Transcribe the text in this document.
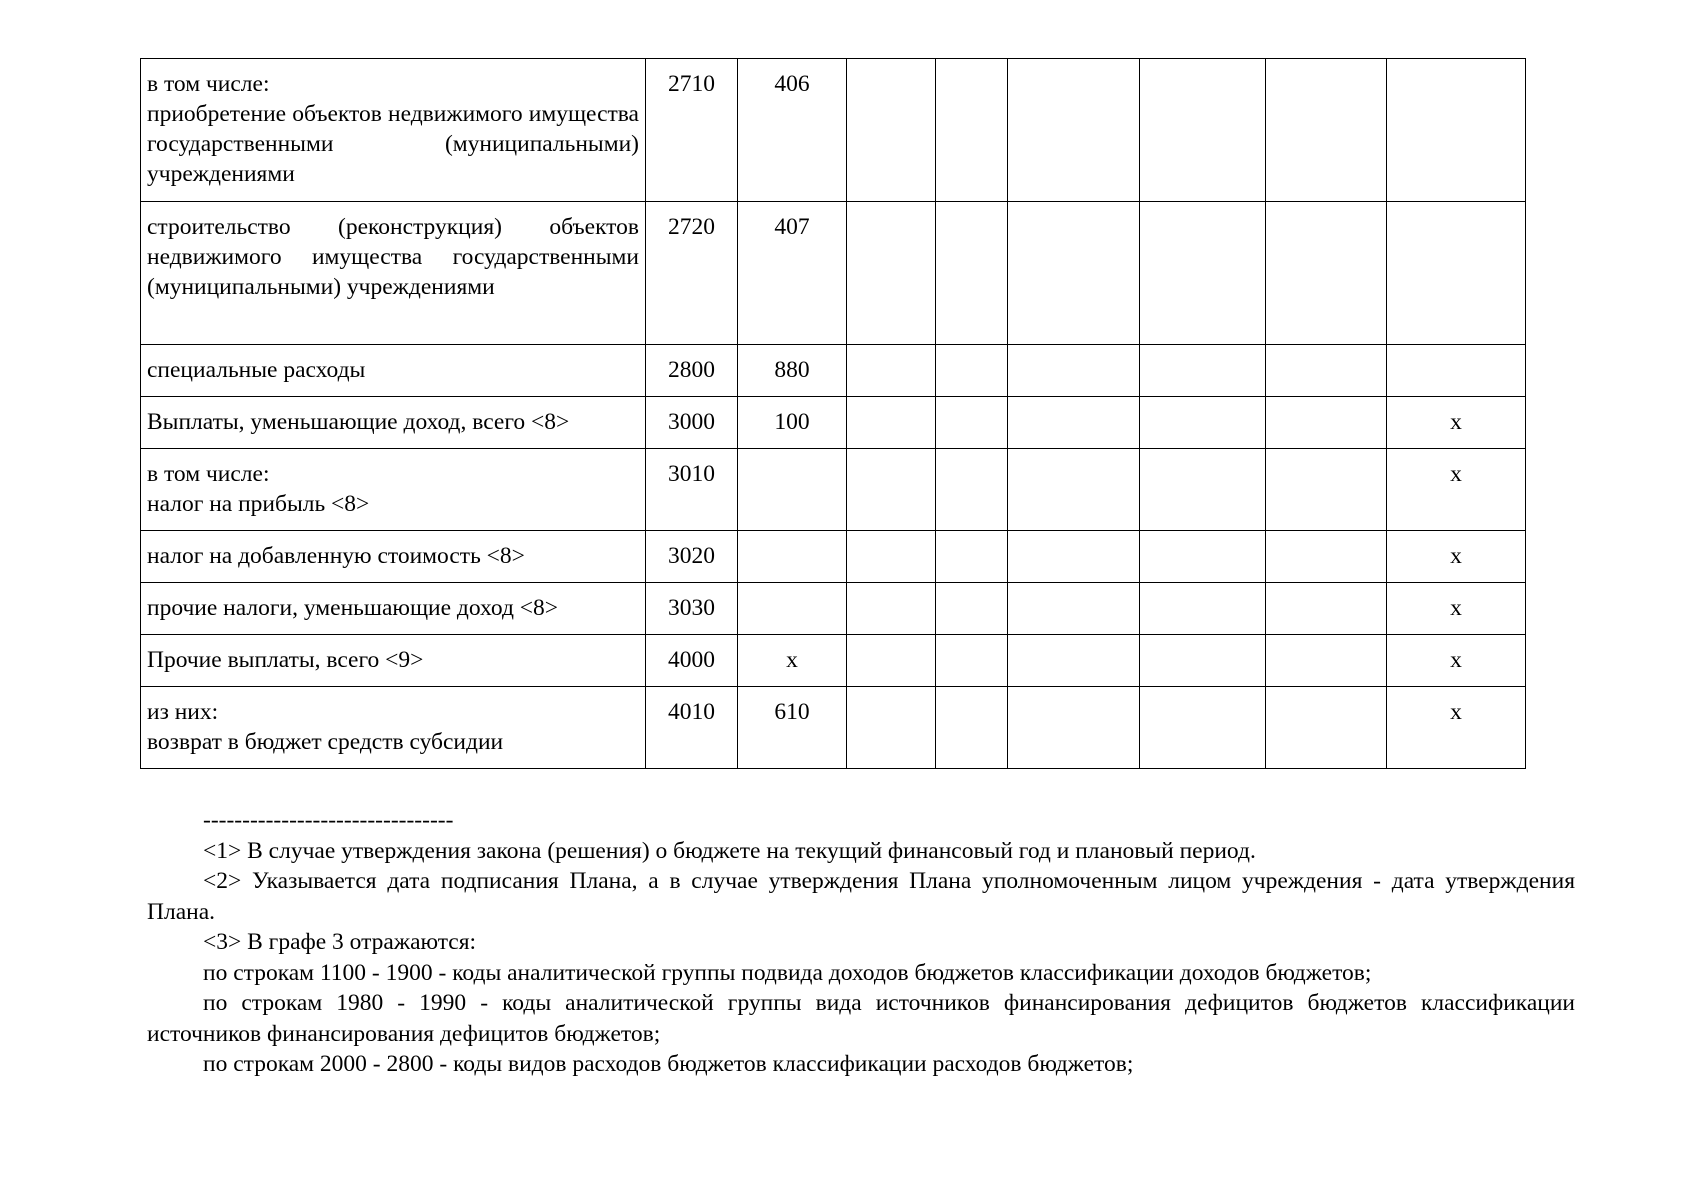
в том числе:
приобретение объектов недвижимого имущества государственными (муниципальными) учреждениями	2710	406						

строительство (реконструкция) объектов недвижимого имущества государственными (муниципальными) учреждениями	2720	407						

специальные расходы	2800	880						

Выплаты, уменьшающие доход, всего <8>	3000	100						х

в том числе:
налог на прибыль <8>	3010							х

налог на добавленную стоимость <8>	3020							х

прочие налоги, уменьшающие доход <8>	3030							х

Прочие выплаты, всего <9>	4000	х						х

из них:
возврат в бюджет средств субсидии	4010	610						х
--------------------------------

<1> В случае утверждения закона (решения) о бюджете на текущий финансовый год и плановый период.

<2> Указывается дата подписания Плана, а в случае утверждения Плана уполномоченным лицом учреждения - дата утверждения Плана.

<3> В графе 3 отражаются:

по строкам 1100 - 1900 - коды аналитической группы подвида доходов бюджетов классификации доходов бюджетов;

по строкам 1980 - 1990 - коды аналитической группы вида источников финансирования дефицитов бюджетов классификации источников финансирования дефицитов бюджетов;

по строкам 2000 - 2800 - коды видов расходов бюджетов классификации расходов бюджетов;
